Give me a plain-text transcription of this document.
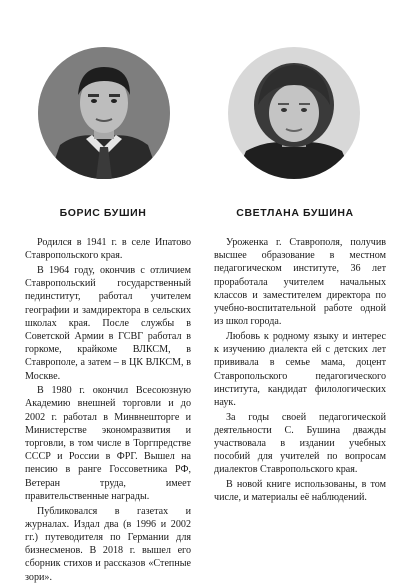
БОРИС БУШИН	СВЕТЛАНА БУШИНА

Родился в 1941 г. в селе Ипатово Ставропольского края.

В 1964 году, окончив с отличием Ставропольский государственный пединститут, работал учителем географии и замдиректора в сельских школах края. После службы в Советской Армии в ГСВГ работал в горкоме, крайкоме ВЛКСМ, в Ставрополе, а затем – в ЦК ВЛКСМ, в Москве.

В 1980 г. окончил Всесоюзную Академию внешней торговли и до 2002 г. работал в Минвнешторге и Министерстве экономразвития и торговли, в том числе в Торгпредстве СССР и России в ФРГ. Вышел на пенсию в ранге Госсоветника РФ, Ветеран труда, имеет правительственные награды.

Публиковался в газетах и журналах. Издал два (в 1996 и 2002 гг.) путеводителя по Германии для бизнесменов. В 2018 г. вышел его сборник стихов и рассказов «Степные зори».

Уроженка г. Ставрополя, получив высшее образование в местном педагогическом институте, 36 лет проработала учителем начальных классов и заместителем директора по учебно-воспитательной работе одной из школ города.

Любовь к родному языку и интерес к изучению диалекта ей с детских лет прививала в семье мама, доцент Ставропольского педагогического института, кандидат филологических наук.

За годы своей педагогической деятельности С. Бушина дважды участвовала в издании учебных пособий для учителей по вопросам диалектов Ставропольского края.

В новой книге использованы, в том числе, и материалы её наблюдений.
